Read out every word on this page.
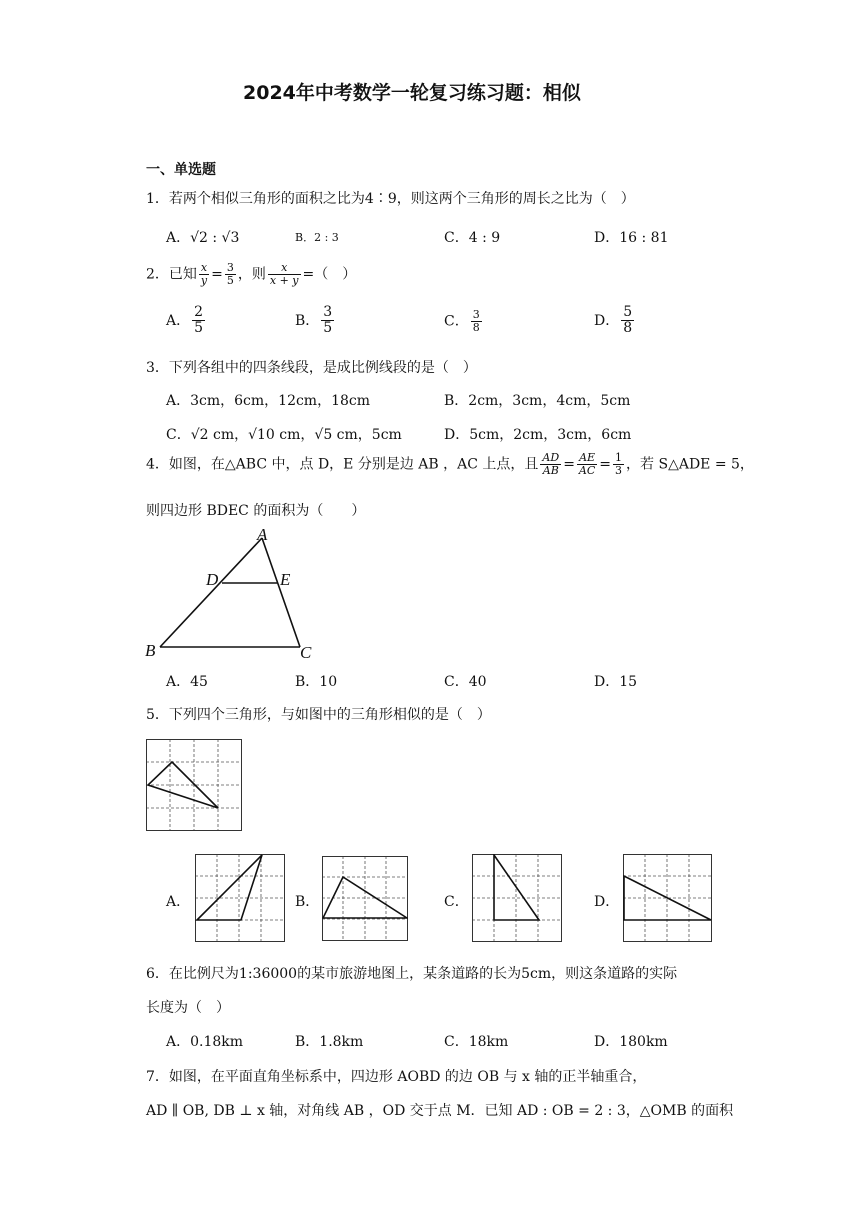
2024年中考数学一轮复习练习题：相似
一、单选题
1．若两个相似三角形的面积之比为4∶9，则这两个三角形的周长之比为（　）
A．√2 : √3	B．2 : 3	C．4 : 9	D．16 : 81
2．已知 $\frac{x}{y} = \frac{3}{5}$ ，则 $\frac{x}{x + y}$ =（　）
A． $\frac{2}{5}$	B． $\frac{3}{5}$	C． $\frac{3}{8}$	D． $\frac{5}{8}$
3．下列各组中的四条线段，是成比例线段的是（　）
A．3cm，6cm，12cm，18cm	B．2cm，3cm，4cm，5cm
C．√2 cm，√10 cm，√5 cm，5cm	D．5cm，2cm，3cm，6cm
4．如图，在△ABC 中，点 D，E 分别是边 AB ，AC 上点，且 $\frac{AD}{AB} = \frac{AE}{AC} = \frac{1}{3}$ ，若 S△ADE = 5，
则四边形 BDEC 的面积为（　　）
A
D	E
B	C
A．45	B．10	C．40	D．15
5．下列四个三角形，与如图中的三角形相似的是（　）
A．	B．	C．	D．
6．在比例尺为1:36000的某市旅游地图上，某条道路的长为5cm，则这条道路的实际
长度为（　）
A．0.18km	B．1.8km	C．18km	D．180km
7．如图，在平面直角坐标系中，四边形 AOBD 的边 OB 与 x 轴的正半轴重合，
AD ∥ OB, DB ⊥ x 轴，对角线 AB ，OD 交于点 M．已知 AD : OB = 2 : 3，△OMB 的面积
